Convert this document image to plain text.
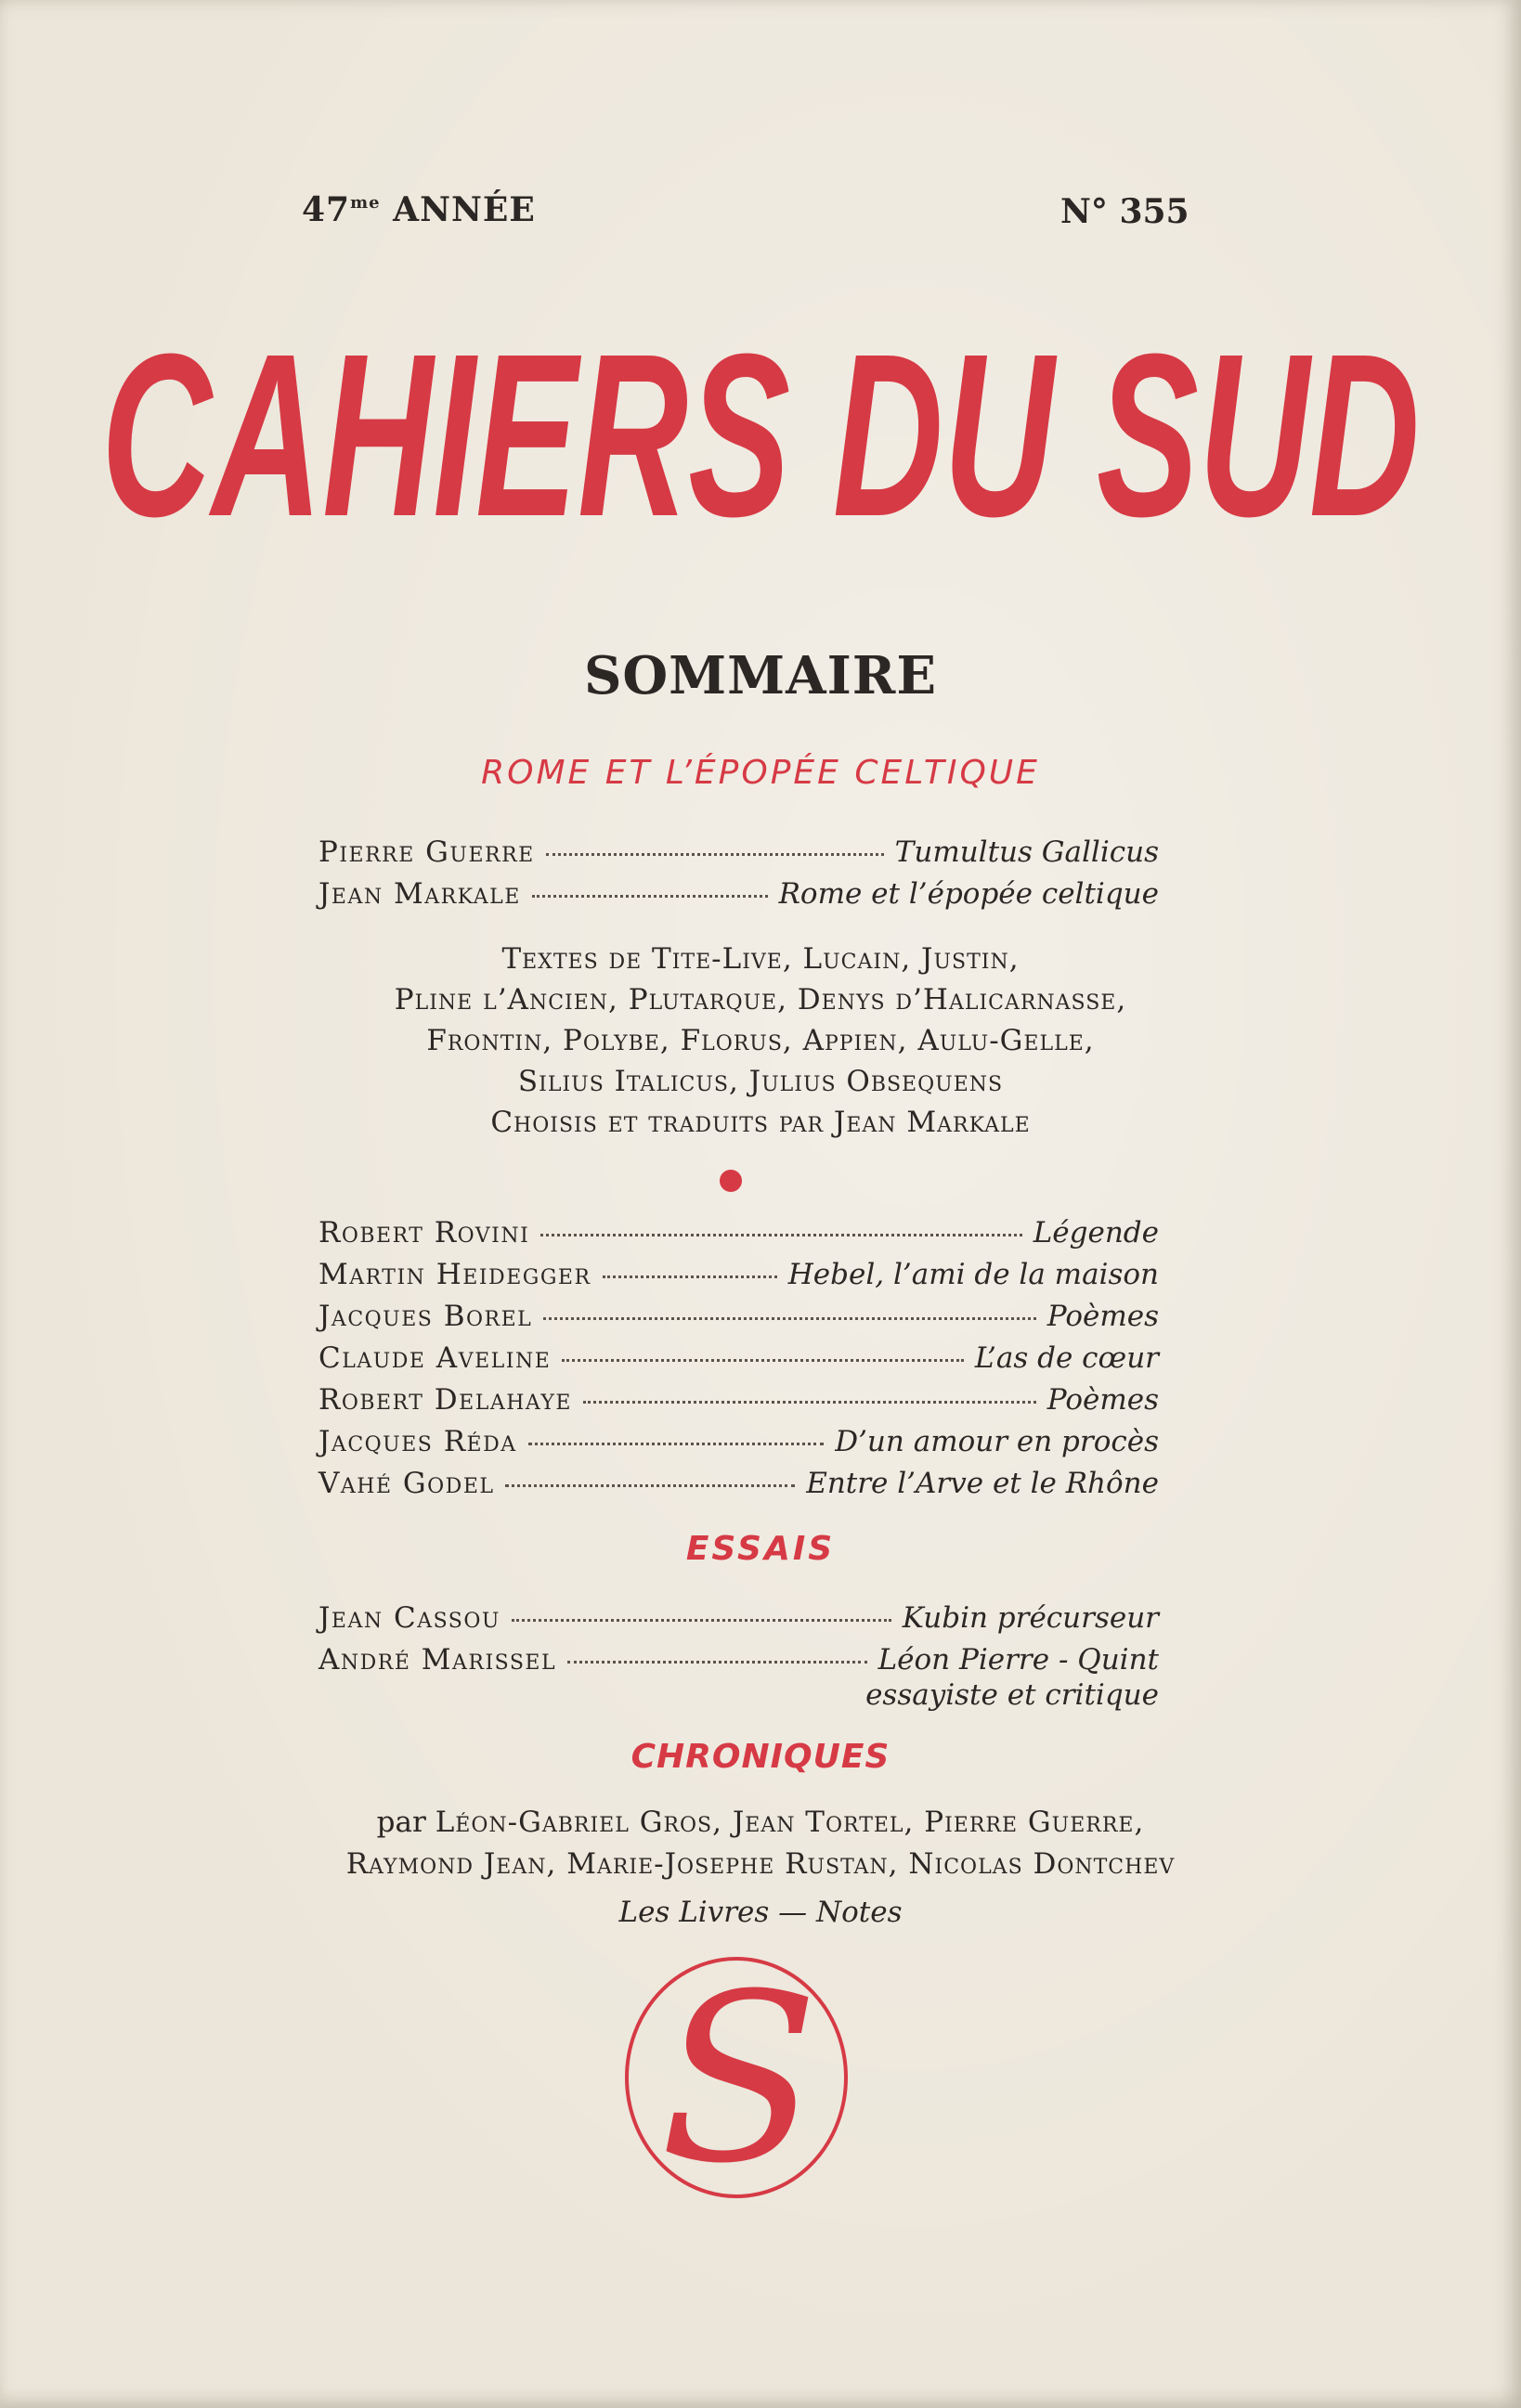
$47^{me}$ ANNÉE	N° 355
CAHIERS DU SUD
SOMMAIRE
ROME ET L’ÉPOPÉE CELTIQUE
Pierre Guerre	Tumultus Gallicus
Jean Markale	Rome et l’épopée celtique
Textes de Tite-Live, Lucain, Justin,
Pline l’Ancien, Plutarque, Denys d’Halicarnasse,
Frontin, Polybe, Florus, Appien, Aulu-Gelle,
Silius Italicus, Julius Obsequens
Choisis et traduits par Jean Markale
Robert Rovini	Légende
Martin Heidegger	Hebel, l’ami de la maison
Jacques Borel	Poèmes
Claude Aveline	L’as de cœur
Robert Delahaye	Poèmes
Jacques Réda	D’un amour en procès
Vahé Godel	Entre l’Arve et le Rhône
ESSAIS
Jean Cassou	Kubin précurseur
André Marissel	Léon Pierre - Quint
essayiste et critique
CHRONIQUES
par Léon-Gabriel Gros, Jean Tortel, Pierre Guerre,
Raymond Jean, Marie-Josephe Rustan, Nicolas Dontchev
Les Livres — Notes
S
